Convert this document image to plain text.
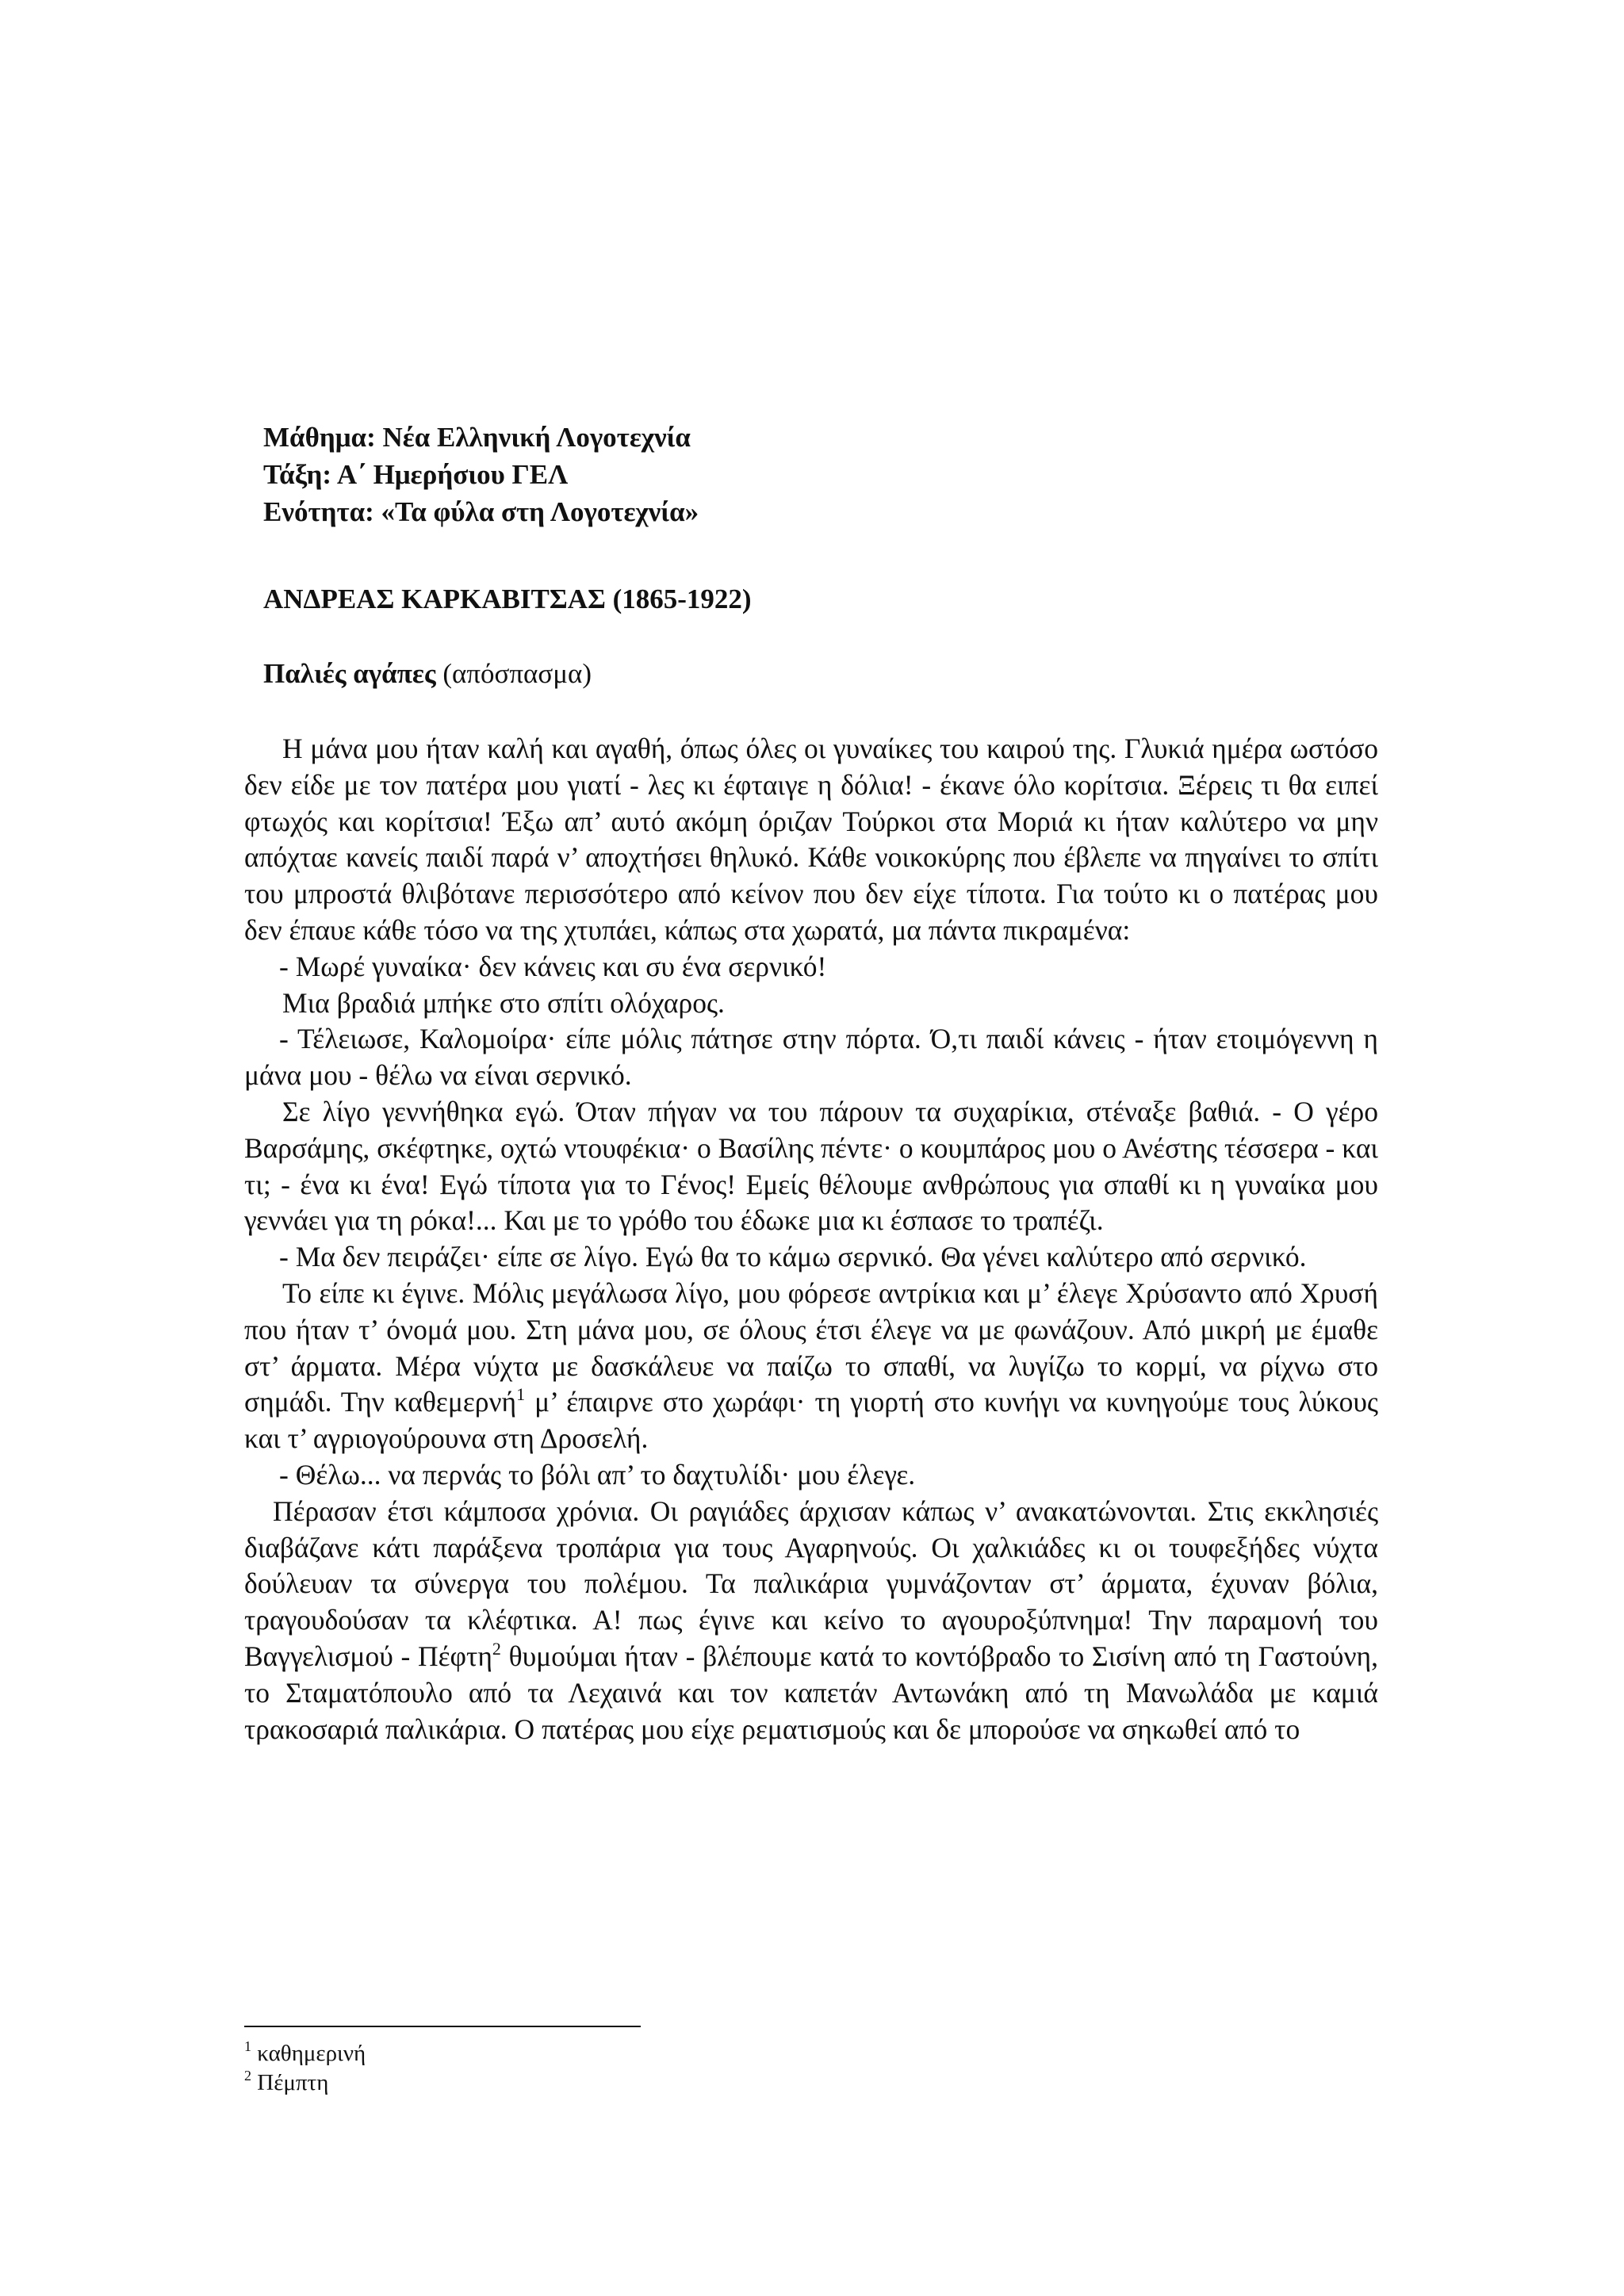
Μάθημα: Νέα Ελληνική Λογοτεχνία
Τάξη: Α΄ Ημερήσιου ΓΕΛ
Ενότητα: «Τα φύλα στη Λογοτεχνία»
ΑΝΔΡΕΑΣ ΚΑΡΚΑΒΙΤΣΑΣ (1865-1922)
Παλιές αγάπες (απόσπασμα)

Η μάνα μου ήταν καλή και αγαθή, όπως όλες οι γυναίκες του καιρού της. Γλυκιά ημέρα ωστόσο δεν είδε με τον πατέρα μου γιατί - λες κι έφταιγε η δόλια! - έκανε όλο κορίτσια. Ξέρεις τι θα ειπεί φτωχός και κορίτσια! Έξω απ’ αυτό ακόμη όριζαν Τούρκοι στα Μοριά κι ήταν καλύτερο να μην απόχταε κανείς παιδί παρά ν’ αποχτήσει θηλυκό. Κάθε νοικοκύρης που έβλεπε να πηγαίνει το σπίτι του μπροστά θλιβότανε περισσότερο από κείνον που δεν είχε τίποτα. Για τούτο κι ο πατέρας μου δεν έπαυε κάθε τόσο να της χτυπάει, κάπως στα χωρατά, μα πάντα πικραμένα:

- Μωρέ γυναίκα· δεν κάνεις και συ ένα σερνικό!

Μια βραδιά μπήκε στο σπίτι ολόχαρος.

- Τέλειωσε, Καλομοίρα· είπε μόλις πάτησε στην πόρτα. Ό,τι παιδί κάνεις - ήταν ετοιμόγεννη η μάνα μου - θέλω να είναι σερνικό.

Σε λίγο γεννήθηκα εγώ. Όταν πήγαν να του πάρουν τα συχαρίκια, στέναξε βαθιά. - Ο γέρο Βαρσάμης, σκέφτηκε, οχτώ ντουφέκια· ο Βασίλης πέντε· ο κουμπάρος μου ο Ανέστης τέσσερα - και τι; - ένα κι ένα! Εγώ τίποτα για το Γένος! Εμείς θέλουμε ανθρώπους για σπαθί κι η γυναίκα μου γεννάει για τη ρόκα!... Και με το γρόθο του έδωκε μια κι έσπασε το τραπέζι.

- Μα δεν πειράζει· είπε σε λίγο. Εγώ θα το κάμω σερνικό. Θα γένει καλύτερο από σερνικό.

Το είπε κι έγινε. Μόλις μεγάλωσα λίγο, μου φόρεσε αντρίκια και μ’ έλεγε Χρύσαντο από Χρυσή που ήταν τ’ όνομά μου. Στη μάνα μου, σε όλους έτσι έλεγε να με φωνάζουν. Από μικρή με έμαθε στ’ άρματα. Μέρα νύχτα με δασκάλευε να παίζω το σπαθί, να λυγίζω το κορμί, να ρίχνω στο σημάδι. Την καθεμερνή$^1$ μ’ έπαιρνε στο χωράφι· τη γιορτή στο κυνήγι να κυνηγούμε τους λύκους και τ’ αγριογούρουνα στη Δροσελή.

- Θέλω... να περνάς το βόλι απ’ το δαχτυλίδι· μου έλεγε.

Πέρασαν έτσι κάμποσα χρόνια. Οι ραγιάδες άρχισαν κάπως ν’ ανακατώνονται. Στις εκκλησιές διαβάζανε κάτι παράξενα τροπάρια για τους Αγαρηνούς. Οι χαλκιάδες κι οι τουφεξήδες νύχτα δούλευαν τα σύνεργα του πολέμου. Τα παλικάρια γυμνάζονταν στ’ άρματα, έχυναν βόλια, τραγουδούσαν τα κλέφτικα. Α! πως έγινε και κείνο το αγουροξύπνημα! Την παραμονή του Βαγγελισμού - Πέφτη$^2$ θυμούμαι ήταν - βλέπουμε κατά το κοντόβραδο το Σισίνη από τη Γαστούνη, το Σταματόπουλο από τα Λεχαινά και τον καπετάν Αντωνάκη από τη Μανωλάδα με καμιά τρακοσαριά παλικάρια. Ο πατέρας μου είχε ρεματισμούς και δε μπορούσε να σηκωθεί από το

$^1$ καθημερινή
$^2$ Πέμπτη
